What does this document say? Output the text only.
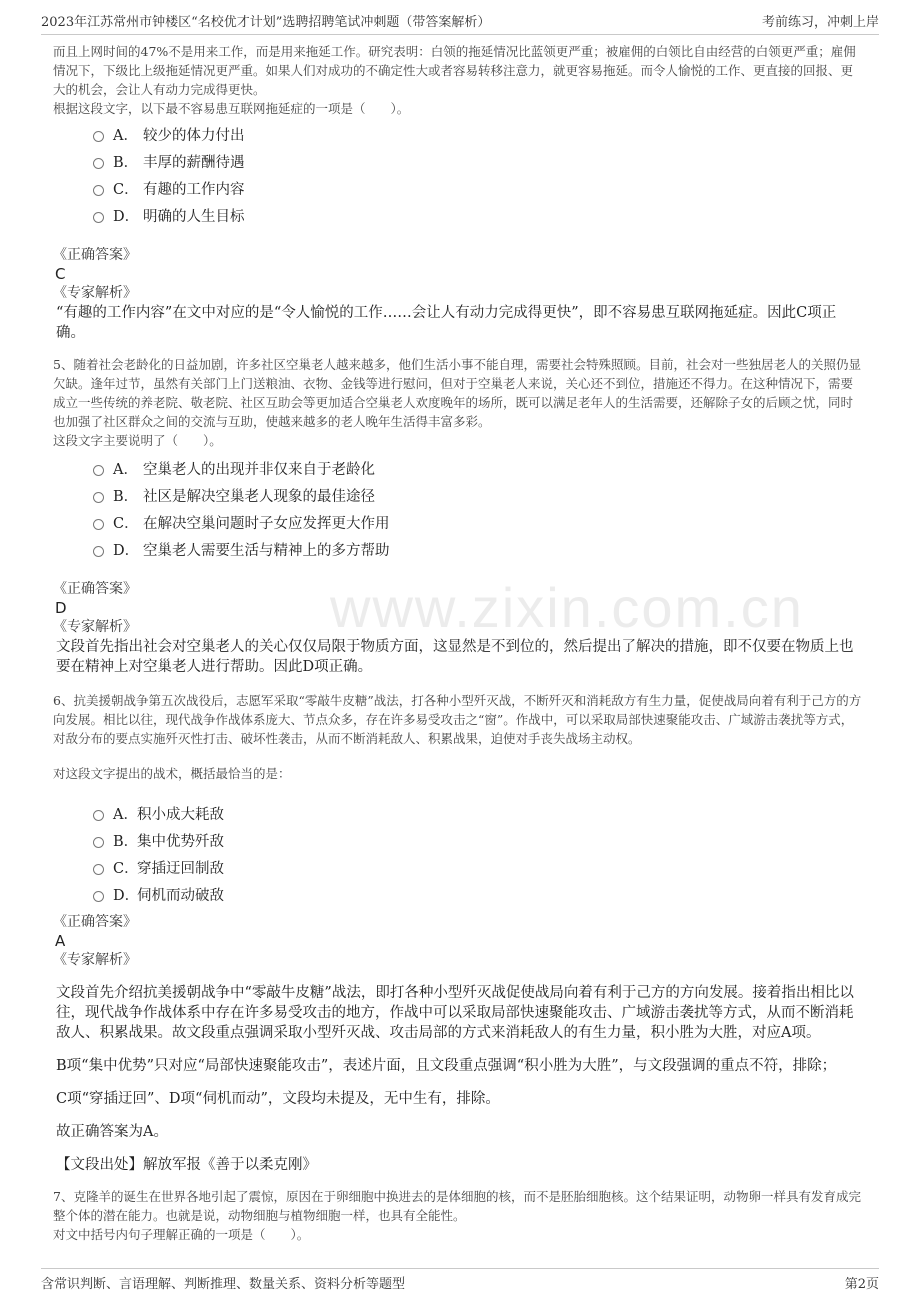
2023年江苏常州市钟楼区“名校优才计划”选聘招聘笔试冲刺题（带答案解析）	考前练习，冲刺上岸
www.zixin.com.cn

而且上网时间的47%不是用来工作，而是用来拖延工作。研究表明：白领的拖延情况比蓝领更严重；被雇佣的白领比自由经营的白领更严重；雇佣情况下，下级比上级拖延情况更严重。如果人们对成功的不确定性大或者容易转移注意力，就更容易拖延。而令人愉悦的工作、更直接的回报、更大的机会，会让人有动力完成得更快。

根据这段文字，以下最不容易患互联网拖延症的一项是（　　）。

A． 较少的体力付出
B． 丰厚的薪酬待遇
C． 有趣的工作内容
D． 明确的人生目标

《正确答案》

C

《专家解析》

“有趣的工作内容”在文中对应的是“令人愉悦的工作……会让人有动力完成得更快”，即不容易患互联网拖延症。因此C项正确。

5、随着社会老龄化的日益加剧，许多社区空巢老人越来越多，他们生活小事不能自理，需要社会特殊照顾。目前，社会对一些独居老人的关照仍显欠缺。逢年过节，虽然有关部门上门送粮油、衣物、金钱等进行慰问，但对于空巢老人来说，关心还不到位，措施还不得力。在这种情况下，需要成立一些传统的养老院、敬老院、社区互助会等更加适合空巢老人欢度晚年的场所，既可以满足老年人的生活需要，还解除子女的后顾之忧，同时也加强了社区群众之间的交流与互助，使越来越多的老人晚年生活得丰富多彩。

这段文字主要说明了（　　）。

A． 空巢老人的出现并非仅来自于老龄化
B． 社区是解决空巢老人现象的最佳途径
C． 在解决空巢问题时子女应发挥更大作用
D． 空巢老人需要生活与精神上的多方帮助

《正确答案》

D

《专家解析》

文段首先指出社会对空巢老人的关心仅仅局限于物质方面，这显然是不到位的，然后提出了解决的措施，即不仅要在物质上也要在精神上对空巢老人进行帮助。因此D项正确。

6、抗美援朝战争第五次战役后，志愿军采取“零敲牛皮糖”战法，打各种小型歼灭战，不断歼灭和消耗敌方有生力量，促使战局向着有利于己方的方向发展。相比以往，现代战争作战体系庞大、节点众多，存在许多易受攻击之“窗”。作战中，可以采取局部快速聚能攻击、广域游击袭扰等方式，对敌分布的要点实施歼灭性打击、破坏性袭击，从而不断消耗敌人、积累战果，迫使对手丧失战场主动权。

对这段文字提出的战术，概括最恰当的是：

A． 积小成大耗敌
B．
集中优势歼敌
C．
穿插迂回制敌
D．
伺机而动破敌

《正确答案》

A

《专家解析》

文段首先介绍抗美援朝战争中“零敲牛皮糖”战法，即打各种小型歼灭战促使战局向着有利于己方的方向发展。接着指出相比以往，现代战争作战体系中存在许多易受攻击的地方，作战中可以采取局部快速聚能攻击、广域游击袭扰等方式，从而不断消耗敌人、积累战果。故文段重点强调采取小型歼灭战、攻击局部的方式来消耗敌人的有生力量，积小胜为大胜，对应A项。

B项“集中优势”只对应“局部快速聚能攻击”，表述片面，且文段重点强调“积小胜为大胜”，与文段强调的重点不符，排除；

C项“穿插迂回”、D项“伺机而动”，文段均未提及，无中生有，排除。

故正确答案为A。

【文段出处】解放军报《善于以柔克刚》

7、克隆羊的诞生在世界各地引起了震惊，原因在于卵细胞中换进去的是体细胞的核，而不是胚胎细胞核。这个结果证明，动物卵一样具有发育成完整个体的潜在能力。也就是说，动物细胞与植物细胞一样，也具有全能性。

对文中括号内句子理解正确的一项是（　　）。

含常识判断、言语理解、判断推理、数量关系、资料分析等题型	第2页
